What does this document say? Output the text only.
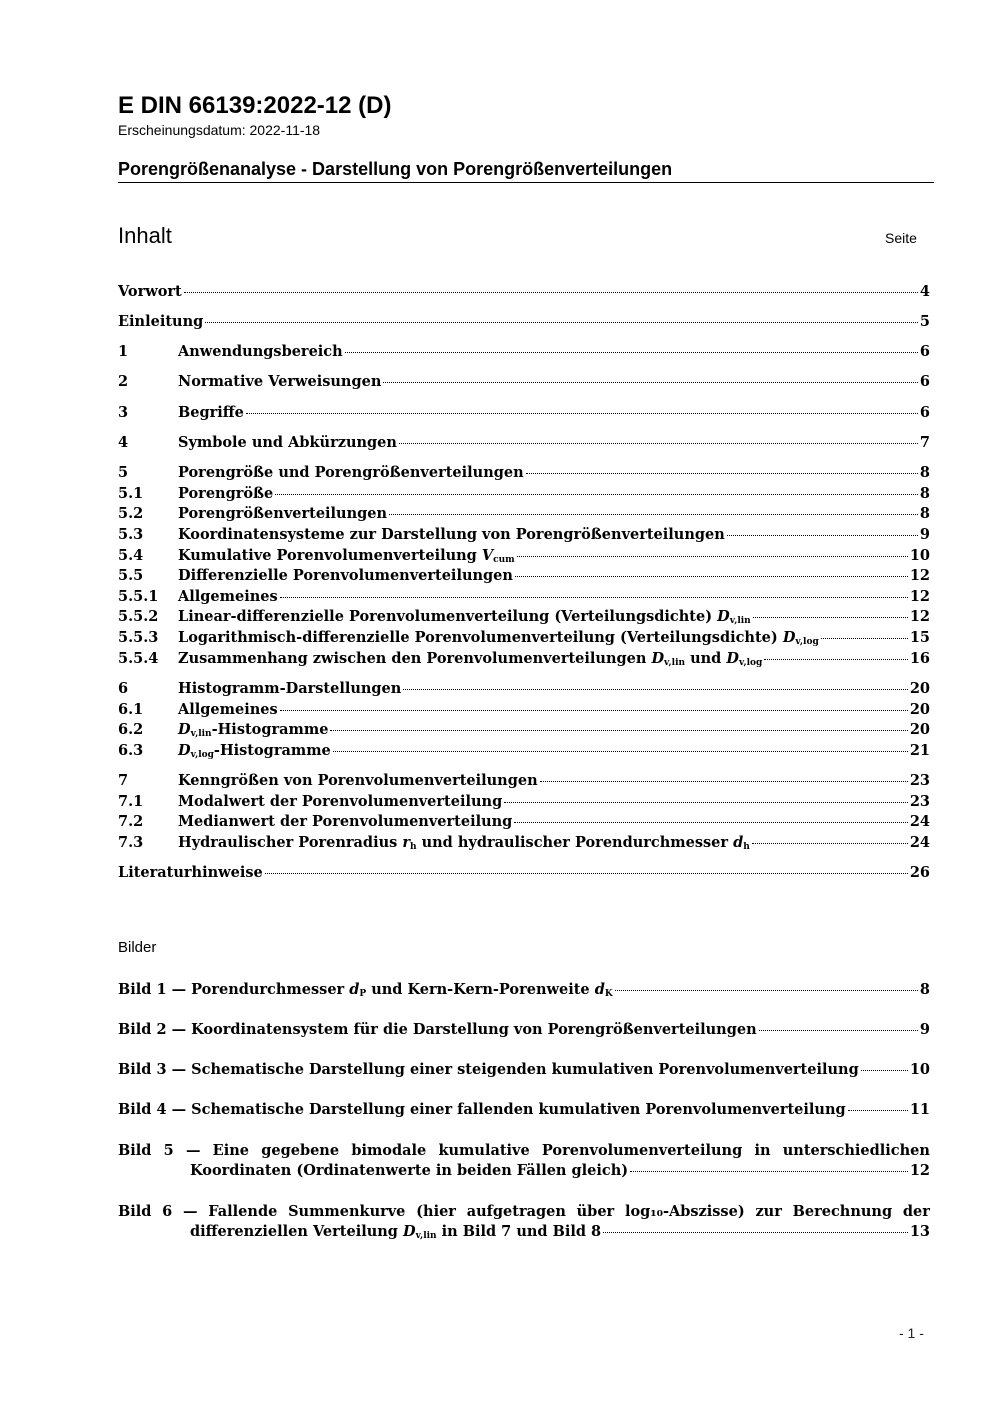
E DIN 66139:2022-12 (D)
Erscheinungsdatum: 2022-11-18
Porengrößenanalyse - Darstellung von Porengrößenverteilungen
Inhalt	Seite
Vorwort	4
Einleitung	5
1	Anwendungsbereich	6
2	Normative Verweisungen	6
3	Begriffe	6
4	Symbole und Abkürzungen	7
5	Porengröße und Porengrößenverteilungen	8
5.1	Porengröße	8
5.2	Porengrößenverteilungen	8
5.3	Koordinatensysteme zur Darstellung von Porengrößenverteilungen	9
5.4	Kumulative Porenvolumenverteilung $V_{cum}$	10
5.5	Differenzielle Porenvolumenverteilungen	12
5.5.1	Allgemeines	12
5.5.2	Linear-differenzielle Porenvolumenverteilung (Verteilungsdichte) $D_{v,lin}$	12
5.5.3	Logarithmisch-differenzielle Porenvolumenverteilung (Verteilungsdichte) $D_{v,log}$	15
5.5.4	Zusammenhang zwischen den Porenvolumenverteilungen $D_{v,lin}$ und $D_{v,log}$	16
6	Histogramm-Darstellungen	20
6.1	Allgemeines	20
6.2	$D_{v,lin}$-Histogramme	20
6.3	$D_{v,log}$-Histogramme	21
7	Kenngrößen von Porenvolumenverteilungen	23
7.1	Modalwert der Porenvolumenverteilung	23
7.2	Medianwert der Porenvolumenverteilung	24
7.3	Hydraulischer Porenradius $r_h$ und hydraulischer Porendurchmesser $d_h$	24
Literaturhinweise	26
Bilder
Bild 1 — Porendurchmesser $d_P$ und Kern-Kern-Porenweite $d_K$	8
Bild 2 — Koordinatensystem für die Darstellung von Porengrößenverteilungen	9
Bild 3 — Schematische Darstellung einer steigenden kumulativen Porenvolumenverteilung	10
Bild 4 — Schematische Darstellung einer fallenden kumulativen Porenvolumenverteilung	11
Bild 5 — Eine gegebene bimodale kumulative Porenvolumenverteilung in unterschiedlichen
Koordinaten (Ordinatenwerte in beiden Fällen gleich)	12
Bild 6 — Fallende Summenkurve (hier aufgetragen über log₁₀-Abszisse) zur Berechnung der
differenziellen Verteilung $D_{v,lin}$ in Bild 7 und Bild 8	13
- 1 -
